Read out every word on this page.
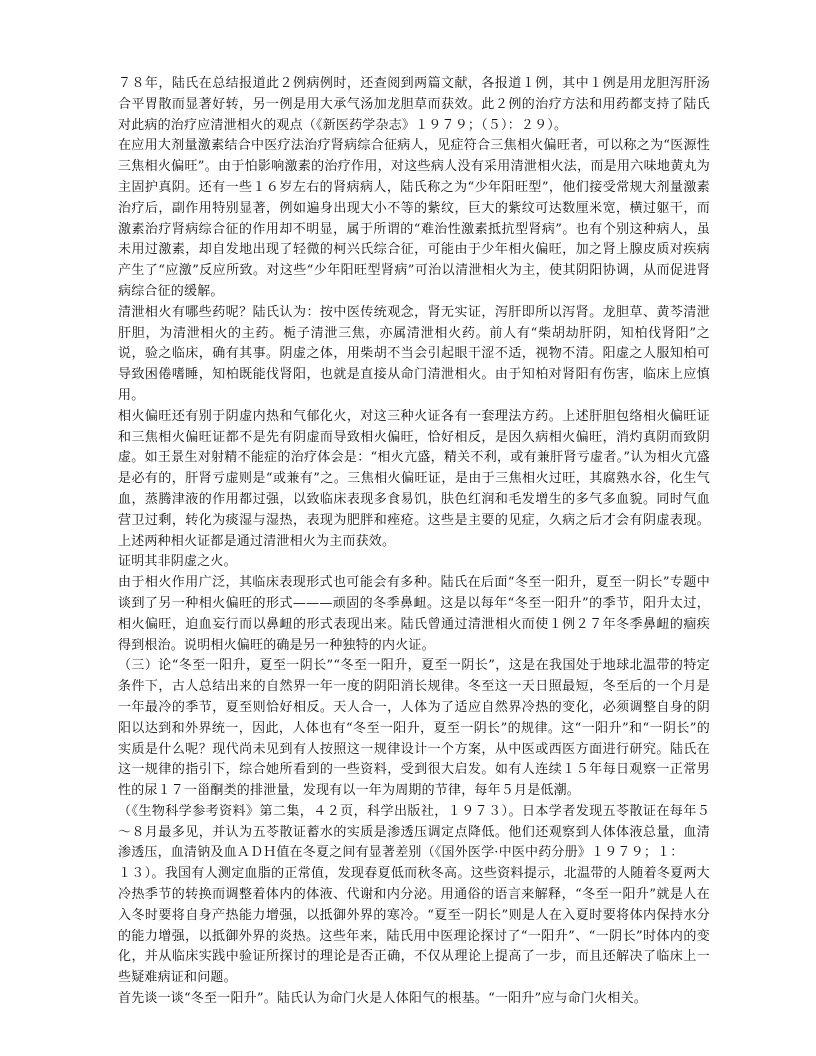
７８年，陆氏在总结报道此２例病例时，还查阅到两篇文献，各报道１例，其中１例是用龙胆泻肝汤合平胃散而显著好转，另一例是用大承气汤加龙胆草而获效。此２例的治疗方法和用药都支持了陆氏对此病的治疗应清泄相火的观点（《新医药学杂志》１９７９；（５）：２９）。

在应用大剂量激素结合中医疗法治疗肾病综合征病人，见症符合三焦相火偏旺者，可以称之为“医源性三焦相火偏旺”。由于怕影响激素的治疗作用，对这些病人没有采用清泄相火法，而是用六味地黄丸为主固护真阴。还有一些１６岁左右的肾病病人，陆氏称之为“少年阳旺型”，他们接受常规大剂量激素治疗后，副作用特别显著，例如遍身出现大小不等的紫纹，巨大的紫纹可达数厘米宽，横过躯干，而激素治疗肾病综合征的作用却不明显，属于所谓的“难治性激素抵抗型肾病”。也有个别这种病人，虽未用过激素，却自发地出现了轻微的柯兴氏综合征，可能由于少年相火偏旺，加之肾上腺皮质对疾病产生了“应激”反应所致。对这些“少年阳旺型肾病”可治以清泄相火为主，使其阴阳协调，从而促进肾病综合征的缓解。

清泄相火有哪些药呢？陆氏认为：按中医传统观念，肾无实证，泻肝即所以泻肾。龙胆草、黄芩清泄肝胆，为清泄相火的主药。栀子清泄三焦，亦属清泄相火药。前人有“柴胡劫肝阴，知柏伐肾阳”之说，验之临床，确有其事。阴虚之体，用柴胡不当会引起眼干涩不适，视物不清。阳虚之人服知柏可导致困倦嗜睡，知柏既能伐肾阳，也就是直接从命门清泄相火。由于知柏对肾阳有伤害，临床上应慎用。

相火偏旺还有别于阴虚内热和气郁化火，对这三种火证各有一套理法方药。上述肝胆包络相火偏旺证和三焦相火偏旺证都不是先有阴虚而导致相火偏旺，恰好相反，是因久病相火偏旺，消灼真阴而致阴虚。如王景生对射精不能症的治疗体会是：“相火亢盛，精关不利，或有兼肝肾亏虚者。”认为相火亢盛是必有的，肝肾亏虚则是“或兼有”之。三焦相火偏旺证，是由于三焦相火过旺，其腐熟水谷，化生气血，蒸腾津液的作用都过强，以致临床表现多食易饥，肤色红润和毛发增生的多气多血貌。同时气血营卫过剩，转化为痰湿与湿热，表现为肥胖和痤疮。这些是主要的见症，久病之后才会有阴虚表现。上述两种相火证都是通过清泄相火为主而获效。

证明其非阴虚之火。

由于相火作用广泛，其临床表现形式也可能会有多种。陆氏在后面“冬至一阳升，夏至一阴长”专题中谈到了另一种相火偏旺的形式———顽固的冬季鼻衄。这是以每年“冬至一阳升”的季节，阳升太过，相火偏旺，迫血妄行而以鼻衄的形式表现出来。陆氏曾通过清泄相火而使１例２７年冬季鼻衄的痼疾得到根治。说明相火偏旺的确是另一种独特的内火证。

（三）论“冬至一阳升，夏至一阴长”“冬至一阳升，夏至一阴长”，这是在我国处于地球北温带的特定条件下，古人总结出来的自然界一年一度的阴阳消长规律。冬至这一天日照最短，冬至后的一个月是一年最冷的季节，夏至则恰好相反。天人合一，人体为了适应自然界冷热的变化，必须调整自身的阴阳以达到和外界统一，因此，人体也有“冬至一阳升，夏至一阴长”的规律。这“一阳升”和“一阴长”的实质是什么呢？现代尚未见到有人按照这一规律设计一个方案，从中医或西医方面进行研究。陆氏在这一规律的指引下，综合她所看到的一些资料，受到很大启发。如有人连续１５年每日观察一正常男性的尿１７一甾酮类的排泄量，发现有以一年为周期的节律，每年５月是低潮。

（《生物科学参考资料》第二集，４２页，科学出版社，１９７３）。日本学者发现五苓散证在每年５～８月最多见，并认为五苓散证蓄水的实质是渗透压调定点降低。他们还观察到人体体液总量，血清渗透压，血清钠及血ＡＤＨ值在冬夏之间有显著差别（《国外医学·中医中药分册》１９７９；１：

１３）。我国有人测定血脂的正常值，发现春夏低而秋冬高。这些资料提示，北温带的人随着冬夏两大冷热季节的转换而调整着体内的体液、代谢和内分泌。用通俗的语言来解释，“冬至一阳升”就是人在入冬时要将自身产热能力增强，以抵御外界的寒冷。“夏至一阴长”则是人在入夏时要将体内保持水分的能力增强，以抵御外界的炎热。这些年来，陆氏用中医理论探讨了“一阳升”、“一阴长”时体内的变化，并从临床实践中验证所探讨的理论是否正确，不仅从理论上提高了一步，而且还解决了临床上一些疑难病证和问题。

首先谈一谈“冬至一阳升”。陆氏认为命门火是人体阳气的根基。“一阳升”应与命门火相关。
